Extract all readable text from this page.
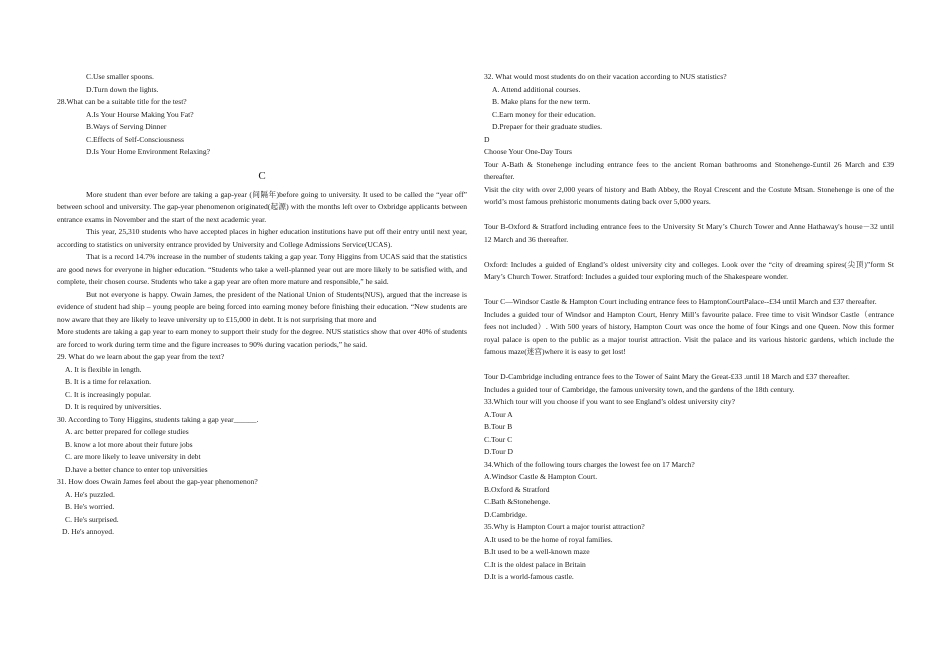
C.Use smaller spoons.
D.Turn down the lights.
28.What can be a suitable title for the test?
A.Is Your Hourse Making You Fat?
B.Ways of Serving Dinner
C.Effects of Self-Consciousness
D.Is Your Home Environment Relaxing?
C

More student than ever before are taking a gap-year (间隔年)before going to university. It used to be called the “year off” between school and university. The gap-year phenomenon originated(起源) with the months left over to Oxbridge applicants between entrance exams in November and the start of the next academic year.

This year, 25,310 students who have accepted places in higher education institutions have put off their entry until next year, according to statistics on university entrance provided by University and College Admissions Service(UCAS).

That is a record 14.7% increase in the number of students taking a gap year. Tony Higgins from UCAS said that the statistics are good news for everyone in higher education. “Students who take a well-planned year out are more likely to be satisfied with, and complete, their chosen course. Students who take a gap year are often more mature and responsible,” he said.

But not everyone is happy. Owain James, the president of the National Union of Students(NUS), argued that the increase is evidence of student had ship – young people are being forced into earning money before finishing their education. “New students are now aware that they are likely to leave university up to £15,000 in debt. It is not surprising that more and

More students are taking a gap year to earn money to support their study for the degree. NUS statistics show that over 40% of students are forced to work during term time and the figure increases to 90% during vacation periods,” he said.

29. What do we learn about the gap year from the text?
A. It is flexible in length.
B. It is a time for relaxation.
C. It is increasingly popular.
D. It is required by universities.
30. According to Tony Higgins, students taking a gap year______.
A. arc better prepared for college studies
B. know a lot more about their future jobs
C. are more likely to leave university in debt
D.have a better chance to enter top universities
31. How does Owain James feel about the gap-year phenomenon?
A. He's puzzled.
B. He's worried.
C. He's surprised.
D. He's annoyed.
32. What would most students do on their vacation according to NUS statistics?
A. Attend additional courses.
B. Make plans for the new term.
C.Earn money for their education.
D.Prepaer for their graduate studies.
D
Choose Your One-Day Tours

Tour A-Bath & Stonehenge including entrance fees to the ancient Roman bathrooms and Stonehenge-£until 26 March and £39 thereafter.

Visit the city with over 2,000 years of history and Bath Abbey, the Royal Crescent and the Costute Mtsan. Stonehenge is one of the world’s most famous prehistoric monuments dating back over 5,000 years.

Tour B-Oxford & Stratford including entrance fees to the University St Mary’s Church Tower and Anne Hathaway's house－32 until 12 March and 36 thereafter.

Oxford: Includes a guided of England’s oldest university city and colleges. Look over the “city of dreaming spires(尖顶)”form St Mary’s Church Tower. Stratford: Includes a guided tour exploring much of the Shakespeare wonder.

Tour C—Windsor Castle & Hampton Court including entrance fees to HamptonCourtPalace--£34 until March and £37 thereafter.

Includes a guided tour of Windsor and Hampton Court, Henry Mill’s favourite palace. Free time to visit Windsor Castle（entrance fees not included）. With 500 years of history, Hampton Court was once the home of four Kings and one Queen. Now this former royal palace is open to the public as a major tourist attraction. Visit the palace and its various historic gardens, which include the famous maze(迷宫)where it is easy to get lost!

Tour D-Cambridge including entrance fees to the Tower of Saint Mary the Great-£33 .until 18 March and £37 thereafter.

Includes a guided tour of Cambridge, the famous university town, and the gardens of the 18th century.

33.Which tour will you choose if you want to see England’s oldest university city?
A.Tour A
B.Tour B
C.Tour C
D.Tour D
34.Which of the following tours charges the lowest fee on 17 March?
A.Windsor Castle & Hampton Court.
B.Oxford & Stratford
C.Bath &Stonehenge.
D.Cambridge.
35.Why is Hampton Court a major tourist attraction?
A.It used to be the home of royal families.
B.It used to be a well-known maze
C.It is the oldest palace in Britain
D.It is a world-famous castle.
